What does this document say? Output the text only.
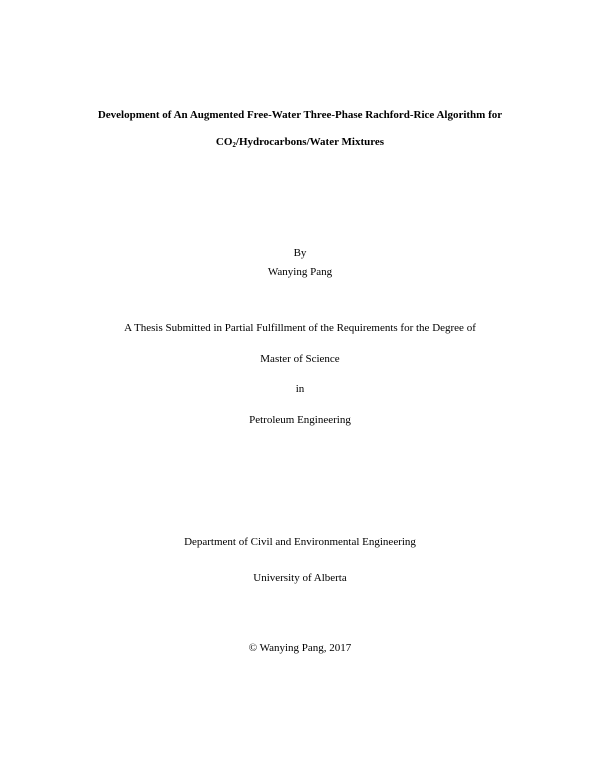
Development of An Augmented Free-Water Three-Phase Rachford-Rice Algorithm for
$CO_2/Hydrocarbons$/Water Mixtures
By
Wanying Pang
A Thesis Submitted in Partial Fulfillment of the Requirements for the Degree of
Master of Science
in
Petroleum Engineering
Department of Civil and Environmental Engineering
University of Alberta
© Wanying Pang, 2017
